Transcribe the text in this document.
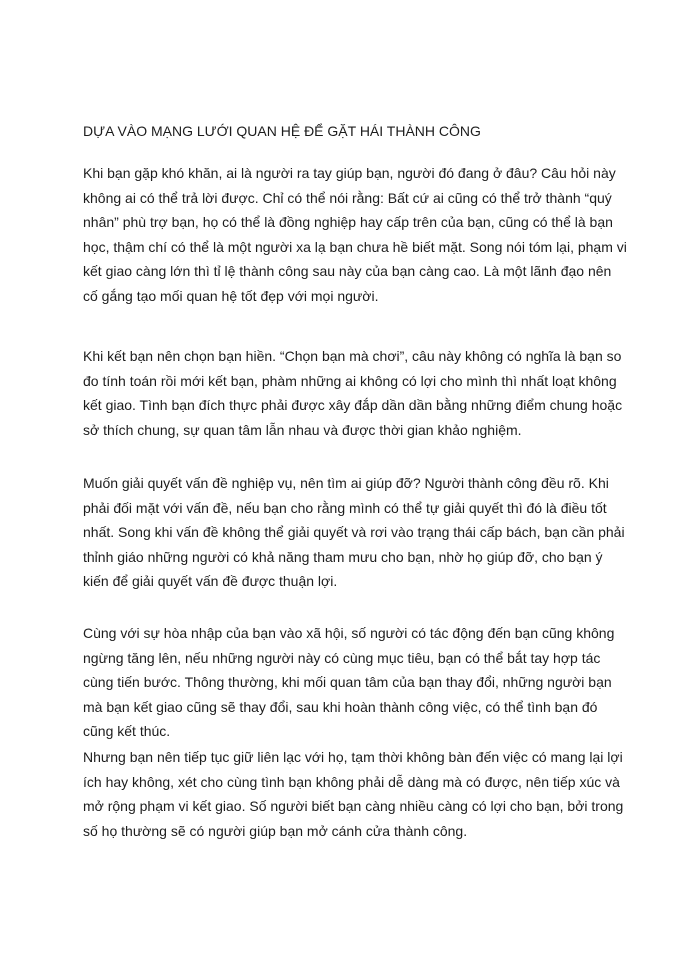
DỰA VÀO MẠNG LƯỚI QUAN HỆ ĐỂ GẶT HÁI THÀNH CÔNG

Khi bạn gặp khó khăn, ai là người ra tay giúp bạn, người đó đang ở đâu? Câu hỏi này không ai có thể trả lời được. Chỉ có thể nói rằng: Bất cứ ai cũng có thể trở thành “quý nhân” phù trợ bạn, họ có thể là đồng nghiệp hay cấp trên của bạn, cũng có thể là bạn học, thậm chí có thể là một người xa lạ bạn chưa hề biết mặt. Song nói tóm lại, phạm vi kết giao càng lớn thì tỉ lệ thành công sau này của bạn càng cao. Là một lãnh đạo nên cố gắng tạo mối quan hệ tốt đẹp với mọi người.

Khi kết bạn nên chọn bạn hiền. “Chọn bạn mà chơi”, câu này không có nghĩa là bạn so đo tính toán rồi mới kết bạn, phàm những ai không có lợi cho mình thì nhất loạt không kết giao. Tình bạn đích thực phải được xây đắp dần dần bằng những điểm chung hoặc sở thích chung, sự quan tâm lẫn nhau và được thời gian khảo nghiệm.

Muốn giải quyết vấn đề nghiệp vụ, nên tìm ai giúp đỡ? Người thành công đều rõ. Khi phải đối mặt với vấn đề, nếu bạn cho rằng mình có thể tự giải quyết thì đó là điều tốt nhất. Song khi vấn đề không thể giải quyết và rơi vào trạng thái cấp bách, bạn cần phải thỉnh giáo những người có khả năng tham mưu cho bạn, nhờ họ giúp đỡ, cho bạn ý kiến để giải quyết vấn đề được thuận lợi.

Cùng với sự hòa nhập của bạn vào xã hội, số người có tác động đến bạn cũng không ngừng tăng lên, nếu những người này có cùng mục tiêu, bạn có thể bắt tay hợp tác cùng tiến bước. Thông thường, khi mối quan tâm của bạn thay đổi, những người bạn mà bạn kết giao cũng sẽ thay đổi, sau khi hoàn thành công việc, có thể tình bạn đó cũng kết thúc.

Nhưng bạn nên tiếp tục giữ liên lạc với họ, tạm thời không bàn đến việc có mang lại lợi ích hay không, xét cho cùng tình bạn không phải dễ dàng mà có được, nên tiếp xúc và mở rộng phạm vi kết giao. Số người biết bạn càng nhiều càng có lợi cho bạn, bởi trong số họ thường sẽ có người giúp bạn mở cánh cửa thành công.
